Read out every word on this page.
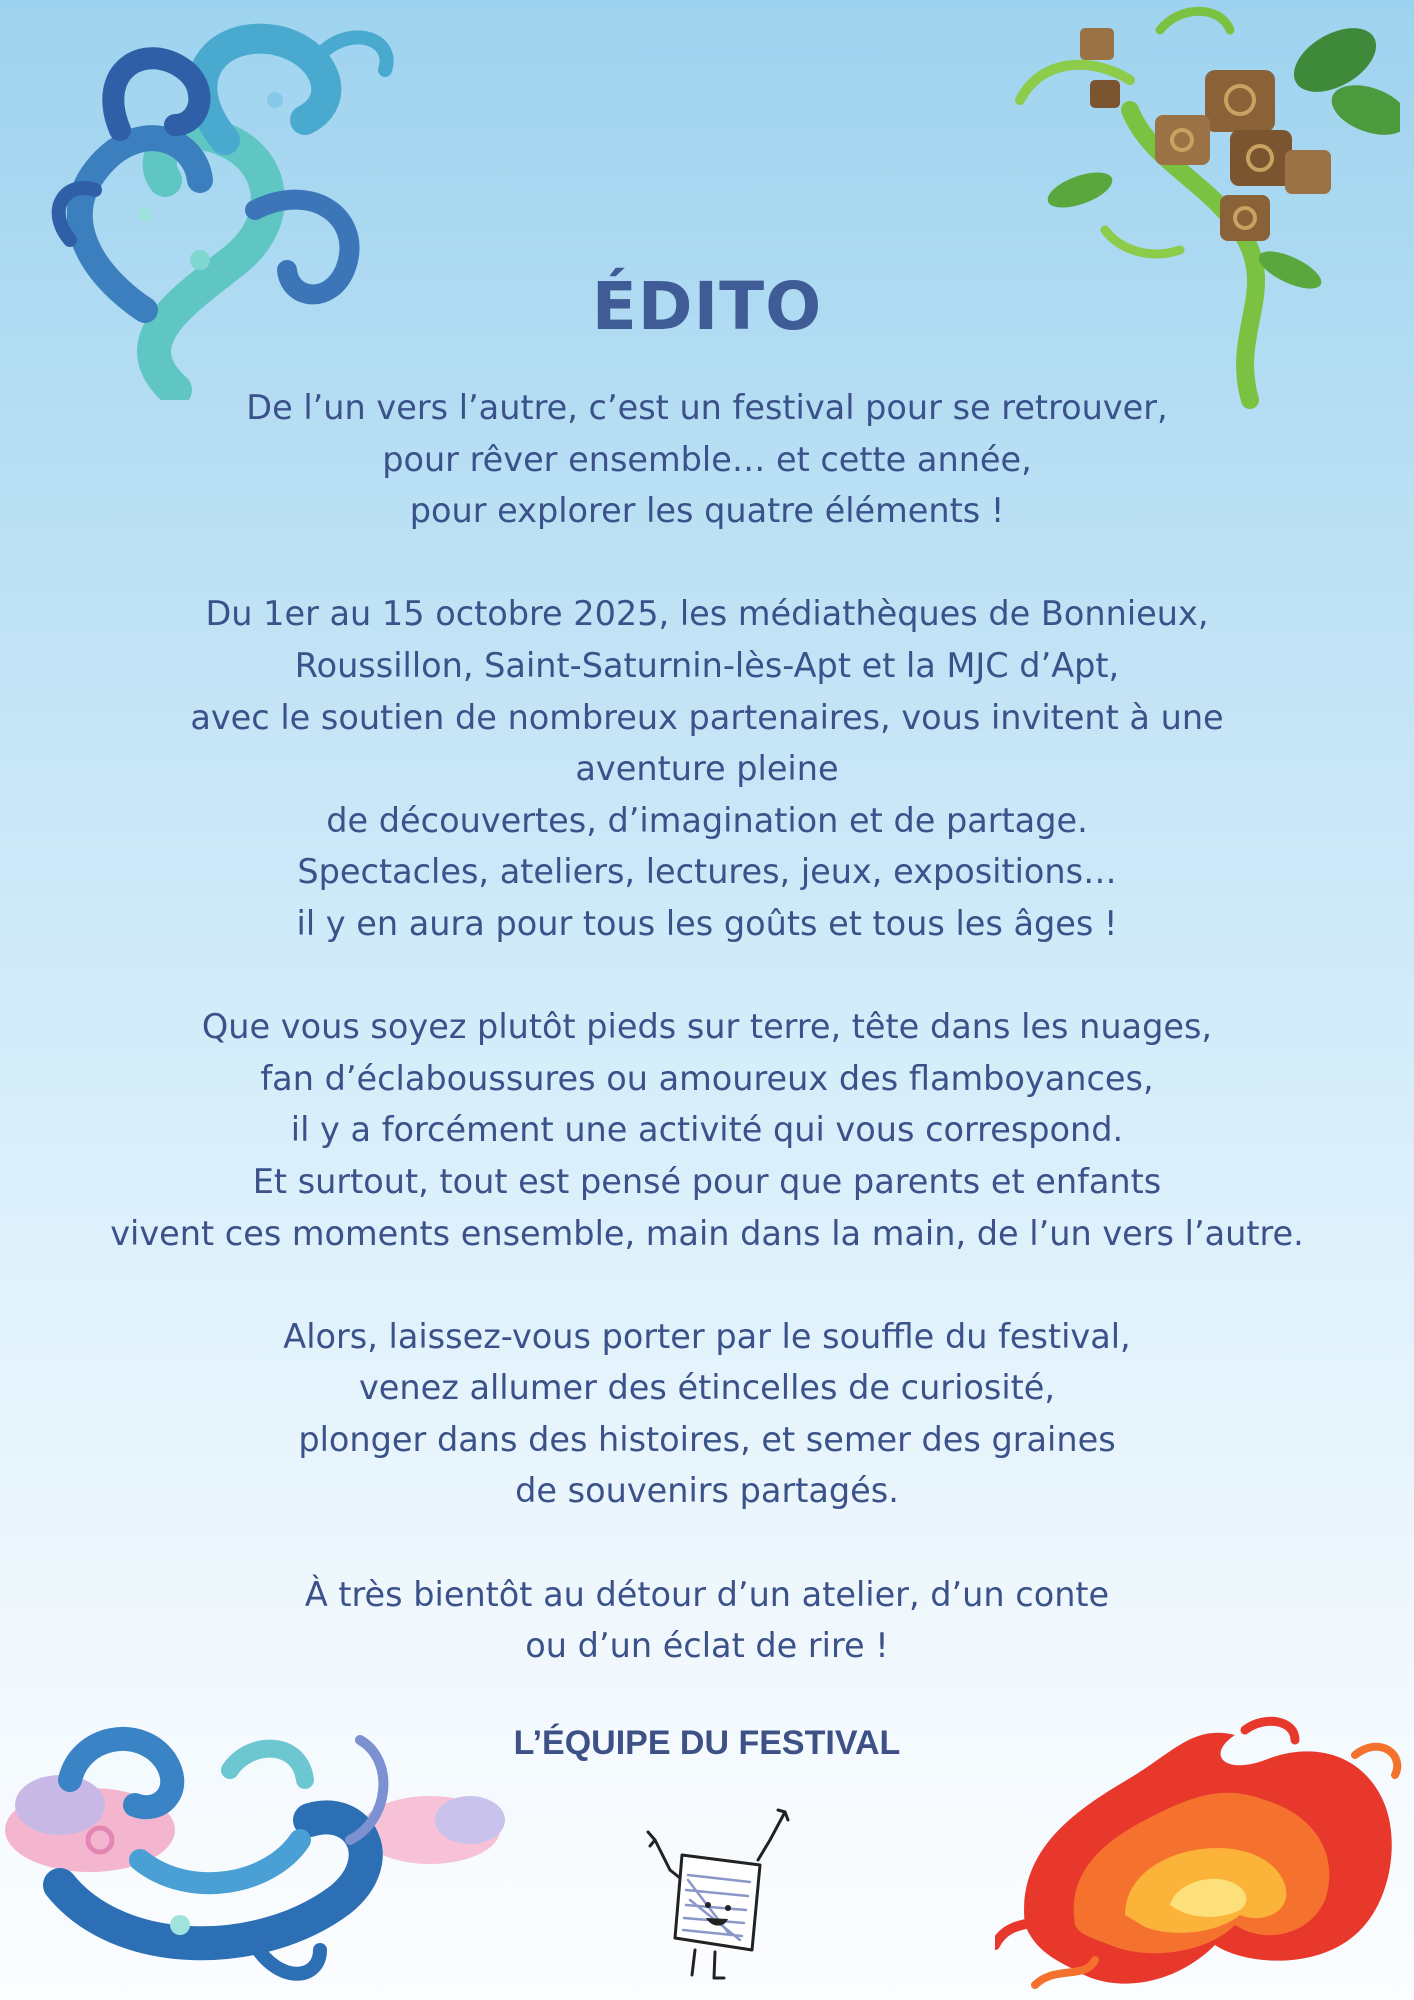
ÉDITO
De l’un vers l’autre, c’est un festival pour se retrouver,
pour rêver ensemble… et cette année,
pour explorer les quatre éléments !
Du 1er au 15 octobre 2025, les médiathèques de Bonnieux,
Roussillon, Saint-Saturnin-lès-Apt et la MJC d’Apt,
avec le soutien de nombreux partenaires, vous invitent à une
aventure pleine
de découvertes, d’imagination et de partage.
Spectacles, ateliers, lectures, jeux, expositions…
il y en aura pour tous les goûts et tous les âges !
Que vous soyez plutôt pieds sur terre, tête dans les nuages,
fan d’éclaboussures ou amoureux des flamboyances,
il y a forcément une activité qui vous correspond.
Et surtout, tout est pensé pour que parents et enfants
vivent ces moments ensemble, main dans la main, de l’un vers l’autre.
Alors, laissez-vous porter par le souffle du festival,
venez allumer des étincelles de curiosité,
plonger dans des histoires, et semer des graines
de souvenirs partagés.
À très bientôt au détour d’un atelier, d’un conte
ou d’un éclat de rire !
L’ÉQUIPE DU FESTIVAL
